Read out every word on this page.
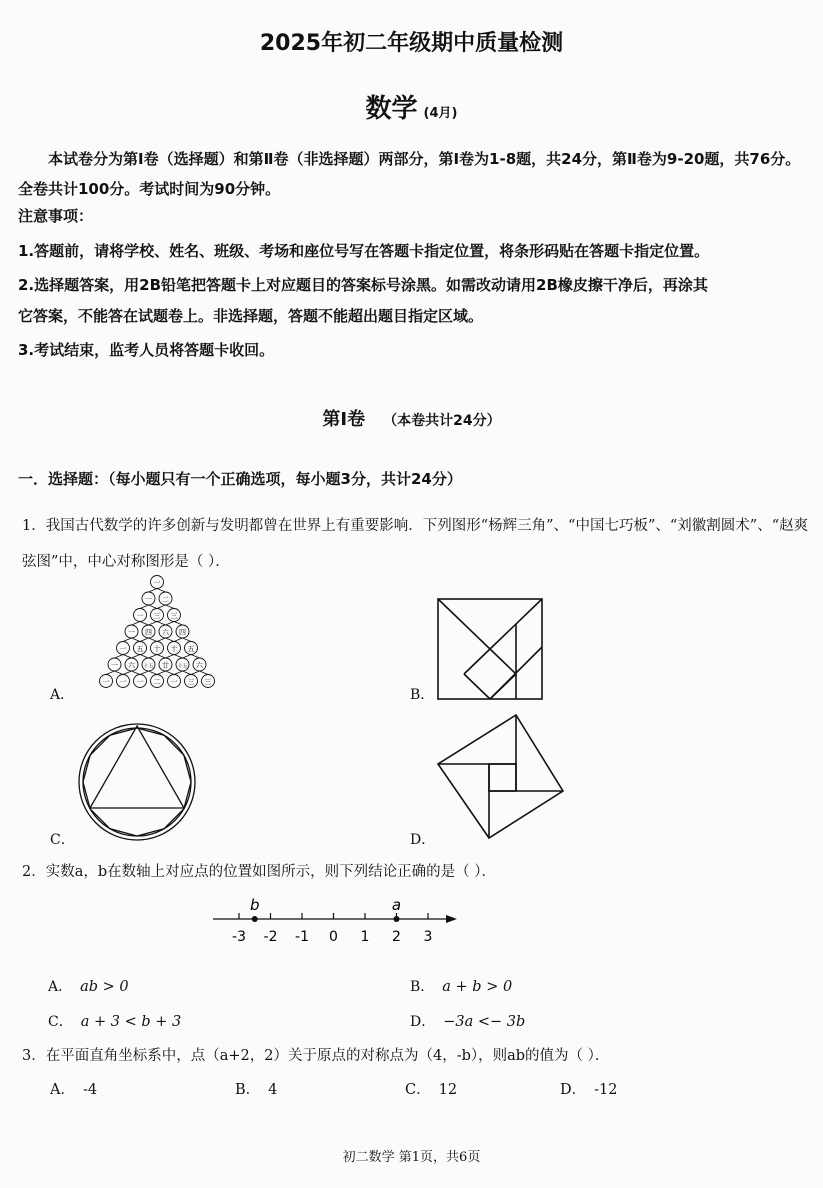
2025年初二年级期中质量检测
数学 (4月)
本试卷分为第Ⅰ卷（选择题）和第Ⅱ卷（非选择题）两部分，第Ⅰ卷为1-8题，共24分，第Ⅱ卷为9-20题，共76分。全卷共计100分。考试时间为90分钟。
注意事项：
1.答题前，请将学校、姓名、班级、考场和座位号写在答题卡指定位置，将条形码贴在答题卡指定位置。
2.选择题答案，用2B铅笔把答题卡上对应题目的答案标号涂黑。如需改动请用2B橡皮擦干净后，再涂其
它答案，不能答在试题卷上。非选择题，答题不能超出题目指定区域。
3.考试结束，监考人员将答题卡收回。
第Ⅰ卷 （本卷共计24分）
一．选择题：（每小题只有一个正确选项，每小题3分，共计24分）
1．我国古代数学的许多创新与发明都曾在世界上有重要影响．下列图形“杨辉三角”、“中国七巧板”、“刘徽割圆术”、“赵爽弦图”中，中心对称图形是（ ）．
A．
一
一 二
一 三 三
一 四 六 四
一 五 十 十 五
一 六 十五 廿 十五 六
一 一 一 二 一 三 三
B．
C．	D．
2．实数a，b在数轴上对应点的位置如图所示，则下列结论正确的是（ ）．
-3 -2 -1 0 1 2 3
b	a
A． ab > 0	B． a + b > 0
C． a + 3 < b + 3	D． −3a <− 3b
3．在平面直角坐标系中，点（a+2，2）关于原点的对称点为（4，-b），则ab的值为（ ）．
A． -4	B． 4	C． 12	D． -12
初二数学 第1页，共6页
